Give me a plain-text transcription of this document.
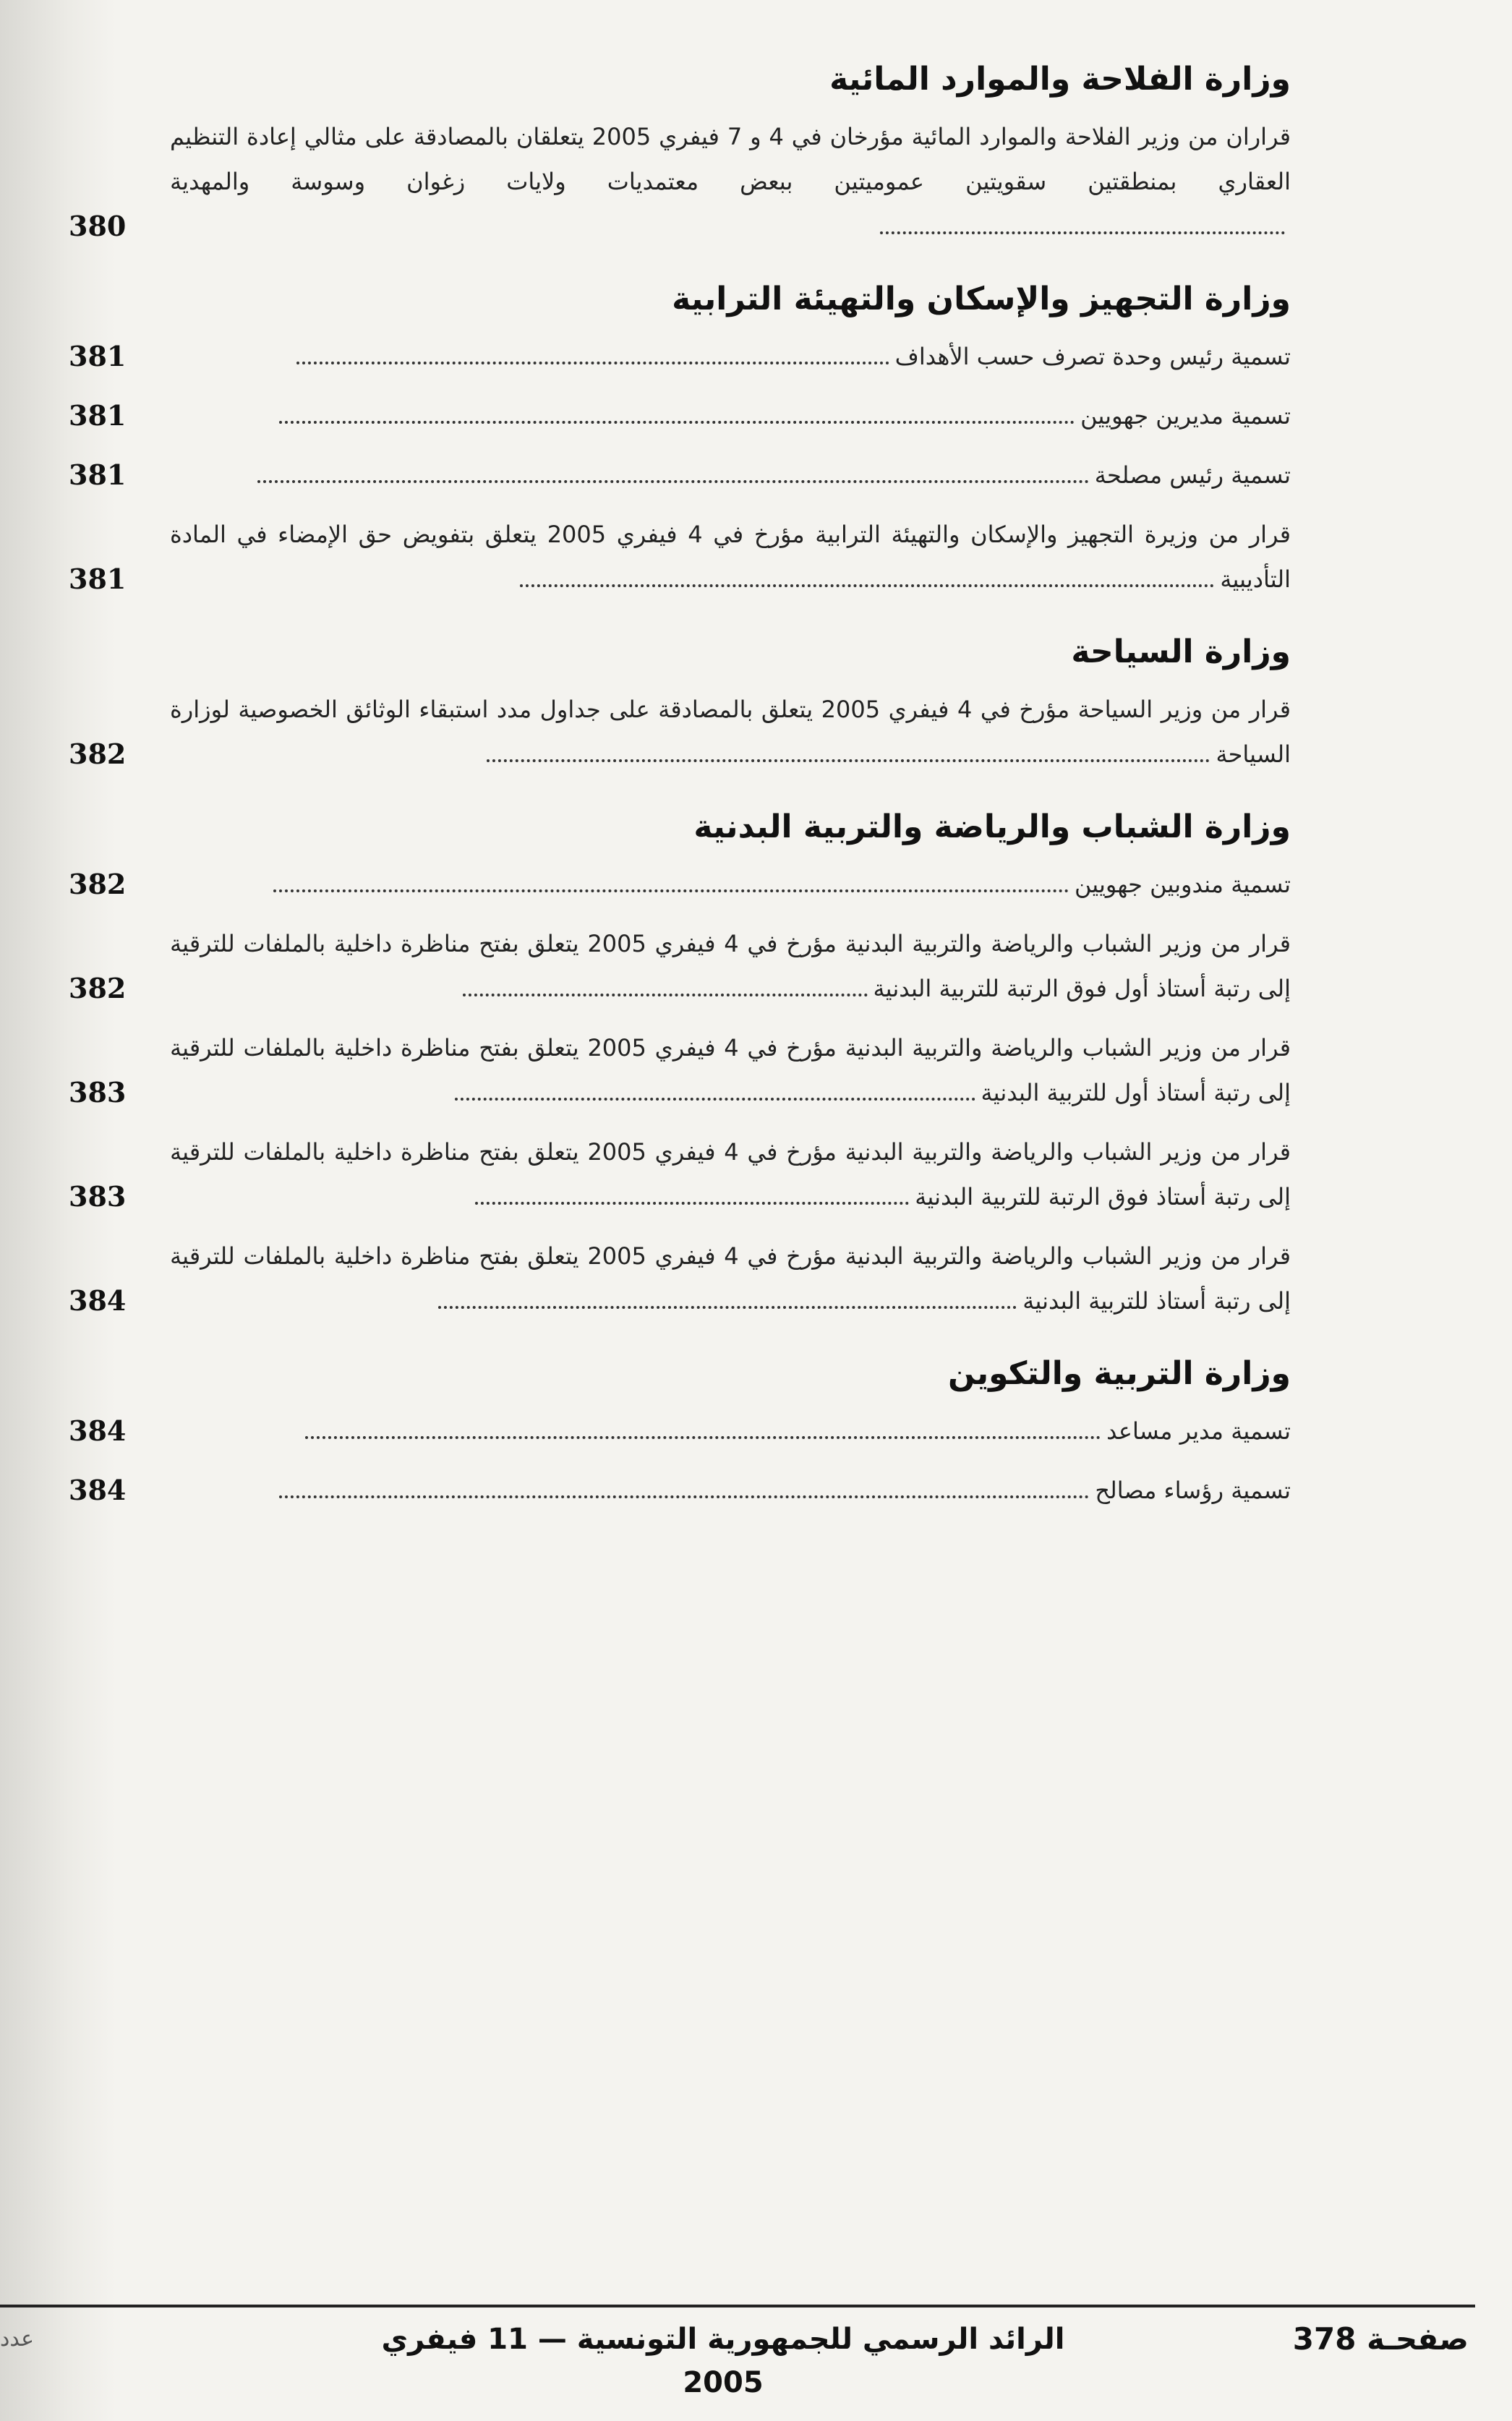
وزارة الفلاحة والموارد المائية
قراران من وزير الفلاحة والموارد المائية مؤرخان في 4 و 7 فيفري 2005 يتعلقان بالمصادقة على مثالي إعادة التنظيم العقاري بمنطقتين سقويتين عموميتين ببعض معتمديات ولايات زغوان وسوسة والمهدية
380
وزارة التجهيز والإسكان والتهيئة الترابية
تسمية رئيس وحدة تصرف حسب الأهداف
381
تسمية مديرين جهويين
381
تسمية رئيس مصلحة
381
قرار من وزيرة التجهيز والإسكان والتهيئة الترابية مؤرخ في 4 فيفري 2005 يتعلق بتفويض حق الإمضاء في المادة التأديبية
381
وزارة السياحة
قرار من وزير السياحة مؤرخ في 4 فيفري 2005 يتعلق بالمصادقة على جداول مدد استبقاء الوثائق الخصوصية لوزارة السياحة
382
وزارة الشباب والرياضة والتربية البدنية
تسمية مندوبين جهويين
382
قرار من وزير الشباب والرياضة والتربية البدنية مؤرخ في 4 فيفري 2005 يتعلق بفتح مناظرة داخلية بالملفات للترقية إلى رتبة أستاذ أول فوق الرتبة للتربية البدنية
382
قرار من وزير الشباب والرياضة والتربية البدنية مؤرخ في 4 فيفري 2005 يتعلق بفتح مناظرة داخلية بالملفات للترقية إلى رتبة أستاذ أول للتربية البدنية
383
قرار من وزير الشباب والرياضة والتربية البدنية مؤرخ في 4 فيفري 2005 يتعلق بفتح مناظرة داخلية بالملفات للترقية إلى رتبة أستاذ فوق الرتبة للتربية البدنية
383
قرار من وزير الشباب والرياضة والتربية البدنية مؤرخ في 4 فيفري 2005 يتعلق بفتح مناظرة داخلية بالملفات للترقية إلى رتبة أستاذ للتربية البدنية
384
وزارة التربية والتكوين
تسمية مدير مساعد
384
تسمية رؤساء مصالح
384
الرائد الرسمي للجمهورية التونسية — 11 فيفري 2005
صفحـة 378
عدد
